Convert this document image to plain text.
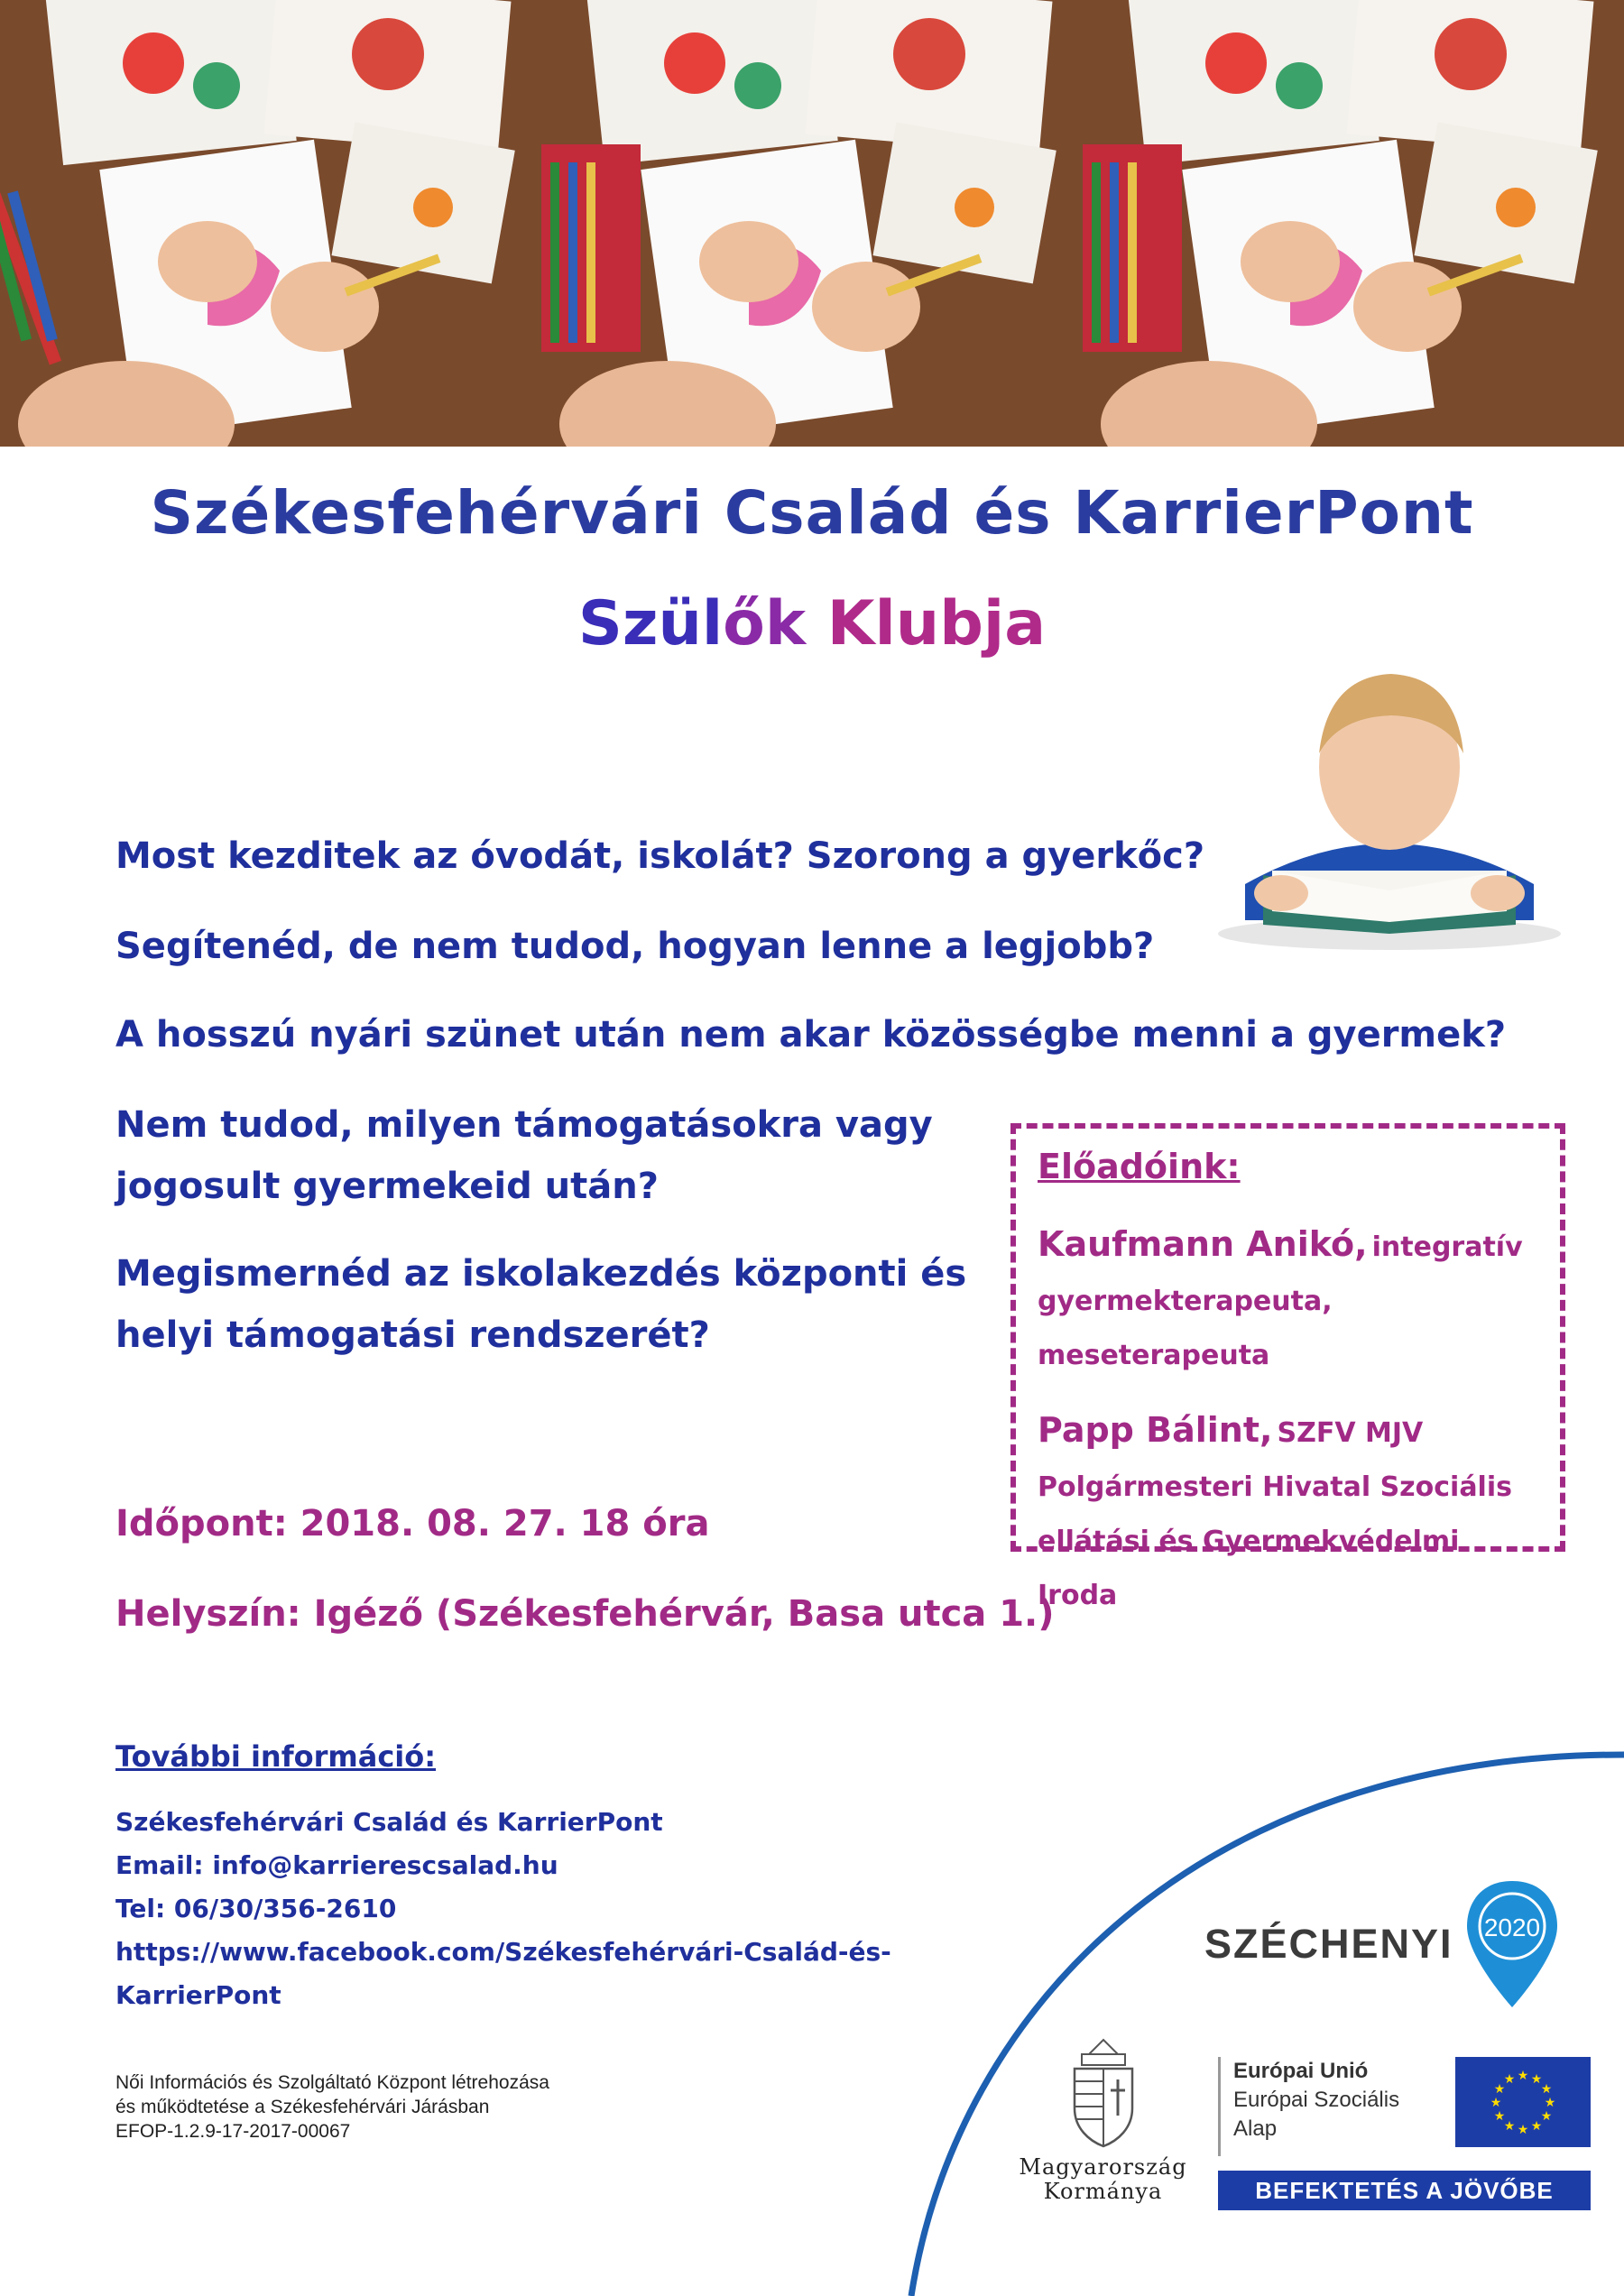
Székesfehérvári Család és KarrierPont
Szülők Klubja

Most kezditek az óvodát, iskolát? Szorong a gyerkőc?

Segítenéd, de nem tudod, hogyan lenne a legjobb?

A hosszú nyári szünet után nem akar közösségbe menni a gyermek?

Nem tudod, milyen támogatásokra vagy jogosult gyermekeid után?

Megismernéd az iskolakezdés központi és helyi támogatási rendszerét?

Időpont: 2018. 08. 27. 18 óra

Helyszín: Igéző (Székesfehérvár, Basa utca 1.)

Előadóink:
Kaufmann Anikó, integratív gyermekterapeuta, meseterapeuta
Papp Bálint, SZFV MJV Polgármesteri Hivatal Szociális ellátási és Gyermekvédelmi Iroda
További információ:
Székesfehérvári Család és KarrierPont
Email: info@karrierescsalad.hu
Tel: 06/30/356-2610
https://www.facebook.com/Székesfehérvári-Család-és-
KarrierPont
Női Információs és Szolgáltató Központ létrehozása
és működtetése a Székesfehérvári Járásban
EFOP-1.2.9-17-2017-00067
SZÉCHENYI 2020
Magyarország
Kormánya
Európai Unió
Európai Szociális
Alap
★ ★
★
★
★
★
★
★
★
★
★
★
BEFEKTETÉS A JÖVŐBE
